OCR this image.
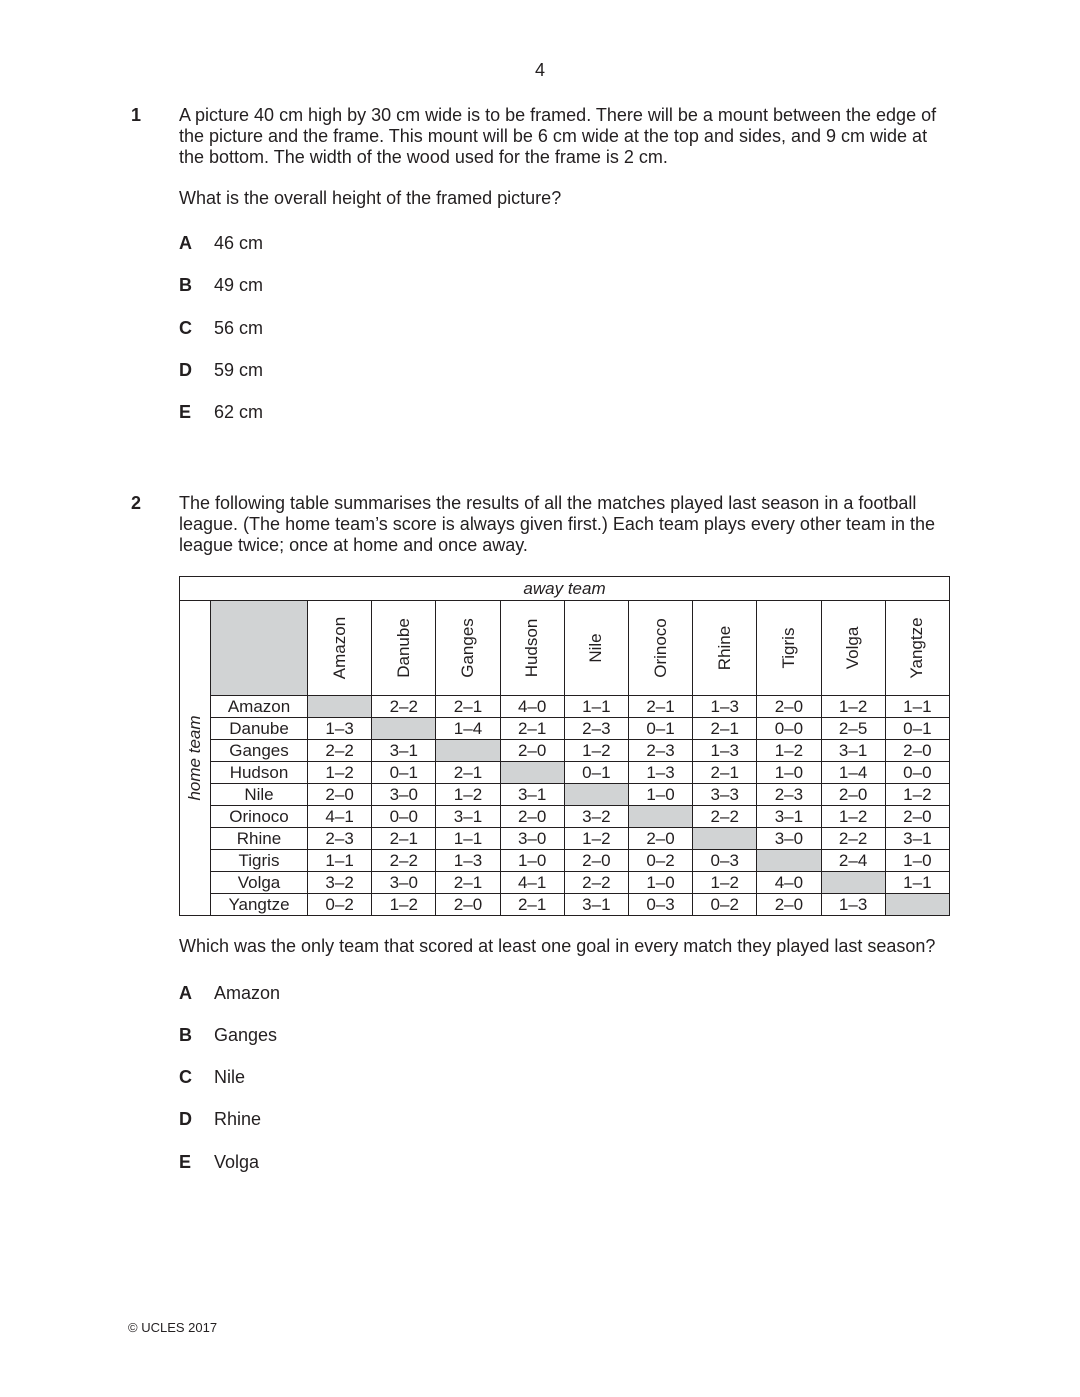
4
1 A picture 40 cm high by 30 cm wide is to be framed. There will be a mount between the edge of the picture and the frame. This mount will be 6 cm wide at the top and sides, and 9 cm wide at the bottom. The width of the wood used for the frame is 2 cm.
What is the overall height of the framed picture?
A 46 cm
B 49 cm
C 56 cm
D 59 cm
E 62 cm
2 The following table summarises the results of all the matches played last season in a football league. (The home team’s score is always given first.) Each team plays every other team in the league twice; once at home and once away.
away team											

home team		Amazon	Danube	Ganges	Hudson	Nile	Orinoco	Rhine	Tigris	Volga	Yangtze

	Amazon		2–2	2–1	4–0	1–1	2–1	1–3	2–0	1–2	1–1
	Danube	1–3		1–4	2–1	2–3	0–1	2–1	0–0	2–5	0–1
	Ganges	2–2	3–1		2–0	1–2	2–3	1–3	1–2	3–1	2–0
	Hudson	1–2	0–1	2–1		0–1	1–3	2–1	1–0	1–4	0–0
	Nile	2–0	3–0	1–2	3–1		1–0	3–3	2–3	2–0	1–2
	Orinoco	4–1	0–0	3–1	2–0	3–2		2–2	3–1	1–2	2–0
	Rhine	2–3	2–1	1–1	3–0	1–2	2–0		3–0	2–2	3–1
	Tigris	1–1	2–2	1–3	1–0	2–0	0–2	0–3		2–4	1–0
	Volga	3–2	3–0	2–1	4–1	2–2	1–0	1–2	4–0		1–1
	Yangtze	0–2	1–2	2–0	2–1	3–1	0–3	0–2	2–0	1–3	
Which was the only team that scored at least one goal in every match they played last season?
A Amazon
B Ganges
C Nile
D Rhine
E Volga
© UCLES 2017
